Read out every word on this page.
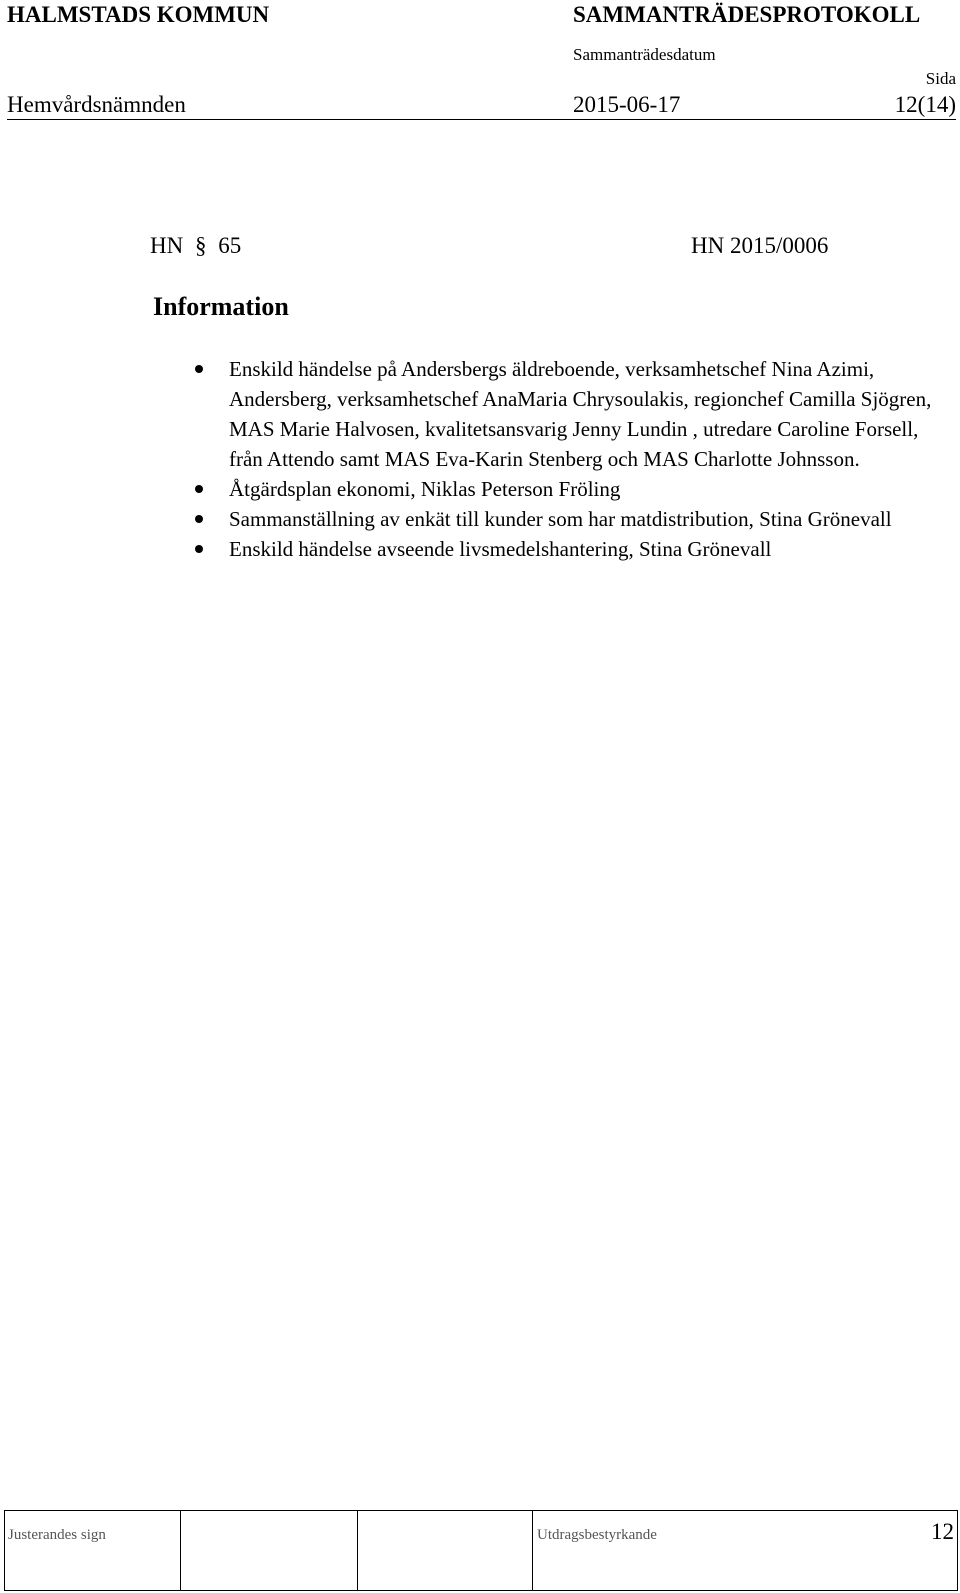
HALMSTADS KOMMUN	SAMMANTRÄDESPROTOKOLL
Sammanträdesdatum
Sida
Hemvårdsnämnden	2015-06-17	12(14)
HN § 65	HN 2015/0006
Information
Enskild händelse på Andersbergs äldreboende, verksamhetschef Nina Azimi, Andersberg, verksamhetschef AnaMaria Chrysoulakis, regionchef Camilla Sjögren, MAS Marie Halvosen, kvalitetsansvarig Jenny Lundin , utredare Caroline Forsell, från Attendo samt MAS Eva-Karin Stenberg och MAS Charlotte Johnsson.
Åtgärdsplan ekonomi, Niklas Peterson Fröling
Sammanställning av enkät till kunder som har matdistribution, Stina Grönevall
Enskild händelse avseende livsmedelshantering, Stina Grönevall
Justerandes sign			Utdragsbestyrkande	12
